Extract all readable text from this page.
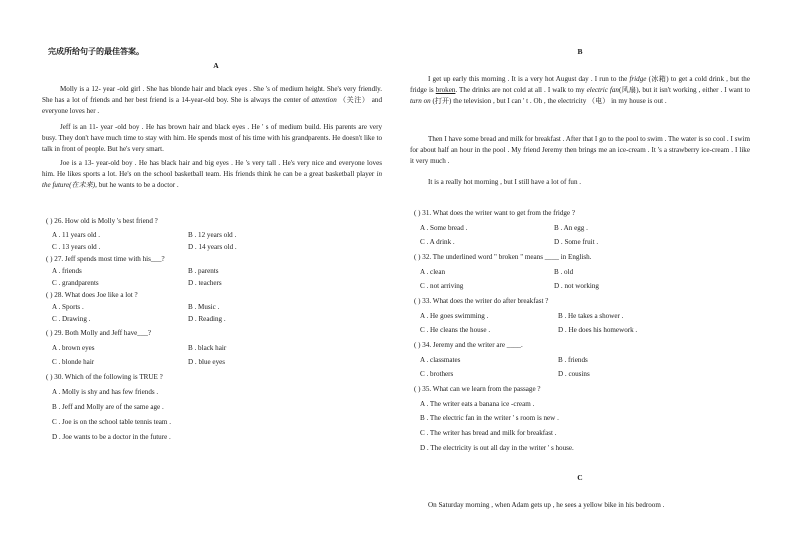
完成所给句子的最佳答案。
A

Molly is a 12- year -old girl . She has blonde hair and black eyes . She 's of medium height. She's very friendly. She has a lot of friends and her best friend is a 14-year-old boy. She is always the center of attention （关注） and everyone loves her .

Jeff is an 11- year -old boy . He has brown hair and black eyes . He ' s of medium build. His parents are very busy. They don't have much time to stay with him. He spends most of his time with his grandparents. He doesn't like to talk in front of people. But he's very smart.

Joe is a 13- year-old boy . He has black hair and big eyes . He 's very tall . He's very nice and everyone loves him. He likes sports a lot. He's on the school basketball team. His friends think he can be a great basketball player in the future(在未来), but he wants to be a doctor .

( ) 26. How old is Molly 's best friend ?
A . 11 years old .	B . 12 years old .
C . 13 years old .	D . 14 years old .
( ) 27. Jeff spends most time with his___?
A . friends	B . parents
C . grandparents	D . teachers
( ) 28. What does Joe like a lot ?
A . Sports .	B . Music .
C . Drawing .	D . Reading .
( ) 29. Both Molly and Jeff have___?
A . brown eyes	B . black hair
C . blonde hair	D . blue eyes
( ) 30. Which of the following is TRUE ?
A . Molly is shy and has few friends .
B . Jeff and Molly are of the same age .
C . Joe is on the school table tennis team .
D . Joe wants to be a doctor in the future .
B

I get up early this morning . It is a very hot August day . I run to the fridge (冰箱) to get a cold drink , but the fridge is broken. The drinks are not cold at all . I walk to my electric fan(风扇), but it isn't working , either . I want to turn on (打开) the television , but I can ' t . Oh , the electricity （电） in my house is out .

Then I have some bread and milk for breakfast . After that I go to the pool to swim . The water is so cool . I swim for about half an hour in the pool . My friend Jeremy then brings me an ice-cream . It 's a strawberry ice-cream . I like it very much .

It is a really hot morning , but I still have a lot of fun .

( ) 31. What does the writer want to get from the fridge ?
A . Some bread .	B . An egg .
C . A drink .	D . Some fruit .
( ) 32. The underlined word " broken " means ____ in English.
A . clean	B . old
C . not arriving	D . not working
( ) 33. What does the writer do after breakfast ?
A . He goes swimming .	B . He takes a shower .
C . He cleans the house .	D . He does his homework .
( ) 34. Jeremy and the writer are ____.
A . classmates	B . friends
C . brothers	D . cousins
( ) 35. What can we learn from the passage ?
A . The writer eats a banana ice -cream .
B . The electric fan in the writer ' s room is new .
C . The writer has bread and milk for breakfast .
D . The electricity is out all day in the writer ' s house.
C

On Saturday morning , when Adam gets up , he sees a yellow bike in his bedroom .
